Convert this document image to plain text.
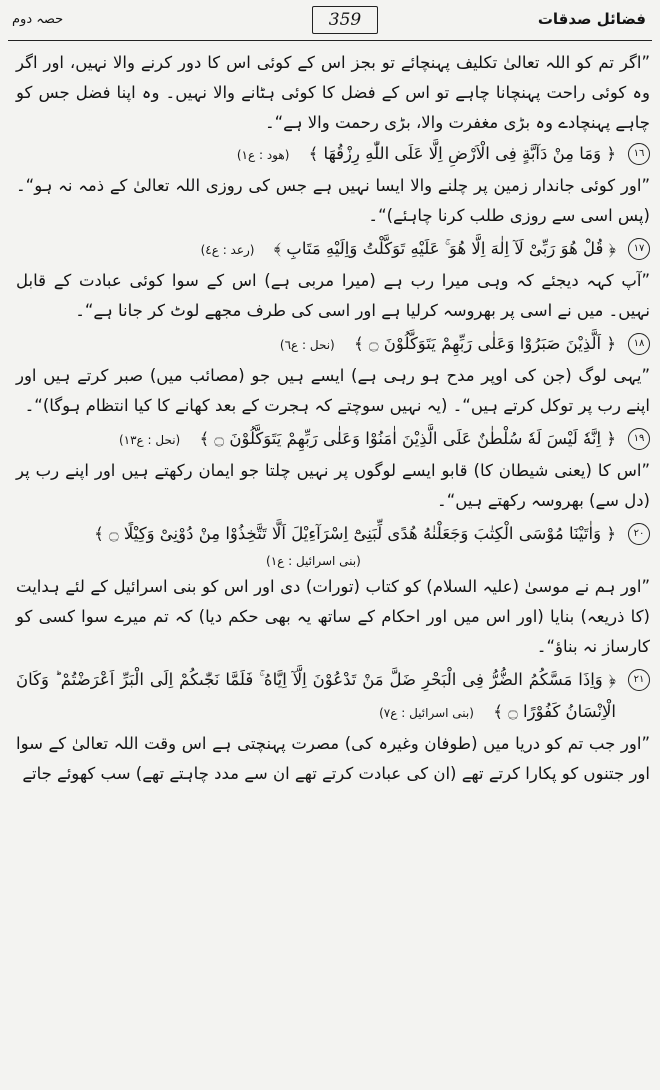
فضائل صدقات
359
حصہ دوم

”اگر تم کو اللہ تعالیٰ تکلیف پہنچائے تو بجز اس کے کوئی اس کا دور کرنے والا نہیں، اور اگر وہ کوئی راحت پہنچانا چاہے تو اس کے فضل کا کوئی ہٹانے والا نہیں۔ وہ اپنا فضل جس کو چاہے پہنچادے وہ بڑی مغفرت والا، بڑی رحمت والا ہے“۔

١٦
﴿ وَمَا مِنْ دَآبَّةٍ فِی الْاَرْضِ اِلَّا عَلَی اللّٰهِ رِزْقُهَا ﴾ (ھود : ع١)

”اور کوئی جاندار زمین پر چلنے والا ایسا نہیں ہے جس کی روزی اللہ تعالیٰ کے ذمہ نہ ہو“۔ (پس اسی سے روزی طلب کرنا چاہئے)“۔

١٧
﴿ قُلْ هُوَ رَبِّیْ لَآ اِلٰهَ اِلَّا هُوَ ۚ عَلَیْهِ تَوَكَّلْتُ وَاِلَیْهِ مَتَابِ ﴾ (رعد : ع٤)

”آپ کہہ دیجئے کہ وہی میرا رب ہے (میرا مربی ہے) اس کے سوا کوئی عبادت کے قابل نہیں۔ میں نے اسی پر بھروسہ کرلیا ہے اور اسی کی طرف مجھے لوٹ کر جانا ہے“۔

١٨
﴿ اَلَّذِیْنَ صَبَرُوْا وَعَلٰی رَبِّهِمْ یَتَوَكَّلُوْنَ ۝ ﴾ (نحل : ع٦)

”یہی لوگ (جن کی اوپر مدح ہو رہی ہے) ایسے ہیں جو (مصائب میں) صبر کرتے ہیں اور اپنے رب پر توکل کرتے ہیں“۔ (یہ نہیں سوچتے کہ ہجرت کے بعد کھانے کا کیا انتظام ہوگا)“۔

١٩
﴿ اِنَّهٗ لَیْسَ لَهٗ سُلْطٰنٌ عَلَی الَّذِیْنَ اٰمَنُوْا وَعَلٰی رَبِّهِمْ یَتَوَكَّلُوْنَ ۝ ﴾ (نحل : ع١٣)

”اس کا (یعنی شیطان کا) قابو ایسے لوگوں پر نہیں چلتا جو ایمان رکھتے ہیں اور اپنے رب پر (دل سے) بھروسہ رکھتے ہیں“۔

٢٠
﴿ وَاٰتَیْنَا مُوْسَی الْكِتٰبَ وَجَعَلْنٰهُ هُدًی لِّبَنِیْٓ اِسْرَآءِیْلَ اَلَّا تَتَّخِذُوْا مِنْ دُوْنِیْ وَكِیْلًا ۝ ﴾
(بنی اسرائیل : ع١)

”اور ہم نے موسیٰ (علیہ السلام) کو کتاب (تورات) دی اور اس کو بنی اسرائیل کے لئے ہدایت (کا ذریعہ) بنایا (اور اس میں اور احکام کے ساتھ یہ بھی حکم دیا) کہ تم میرے سوا کسی کو کارساز نہ بناؤ“۔

٢١
﴿ وَاِذَا مَسَّكُمُ الضُّرُّ فِی الْبَحْرِ ضَلَّ مَنْ تَدْعُوْنَ اِلَّآ اِیَّاهُ ۚ فَلَمَّا نَجّٰىكُمْ اِلَی الْبَرِّ اَعْرَضْتُمْ ؕ وَكَانَ الْاِنْسَانُ كَفُوْرًا ۝ ﴾ (بنی اسرائیل : ع٧)

”اور جب تم کو دریا میں (طوفان وغیرہ کی) مصرت پہنچتی ہے اس وقت اللہ تعالیٰ کے سوا اور جتنوں کو پکارا کرتے تھے (ان کی عبادت کرتے تھے ان سے مدد چاہتے تھے) سب کھوئے جاتے
